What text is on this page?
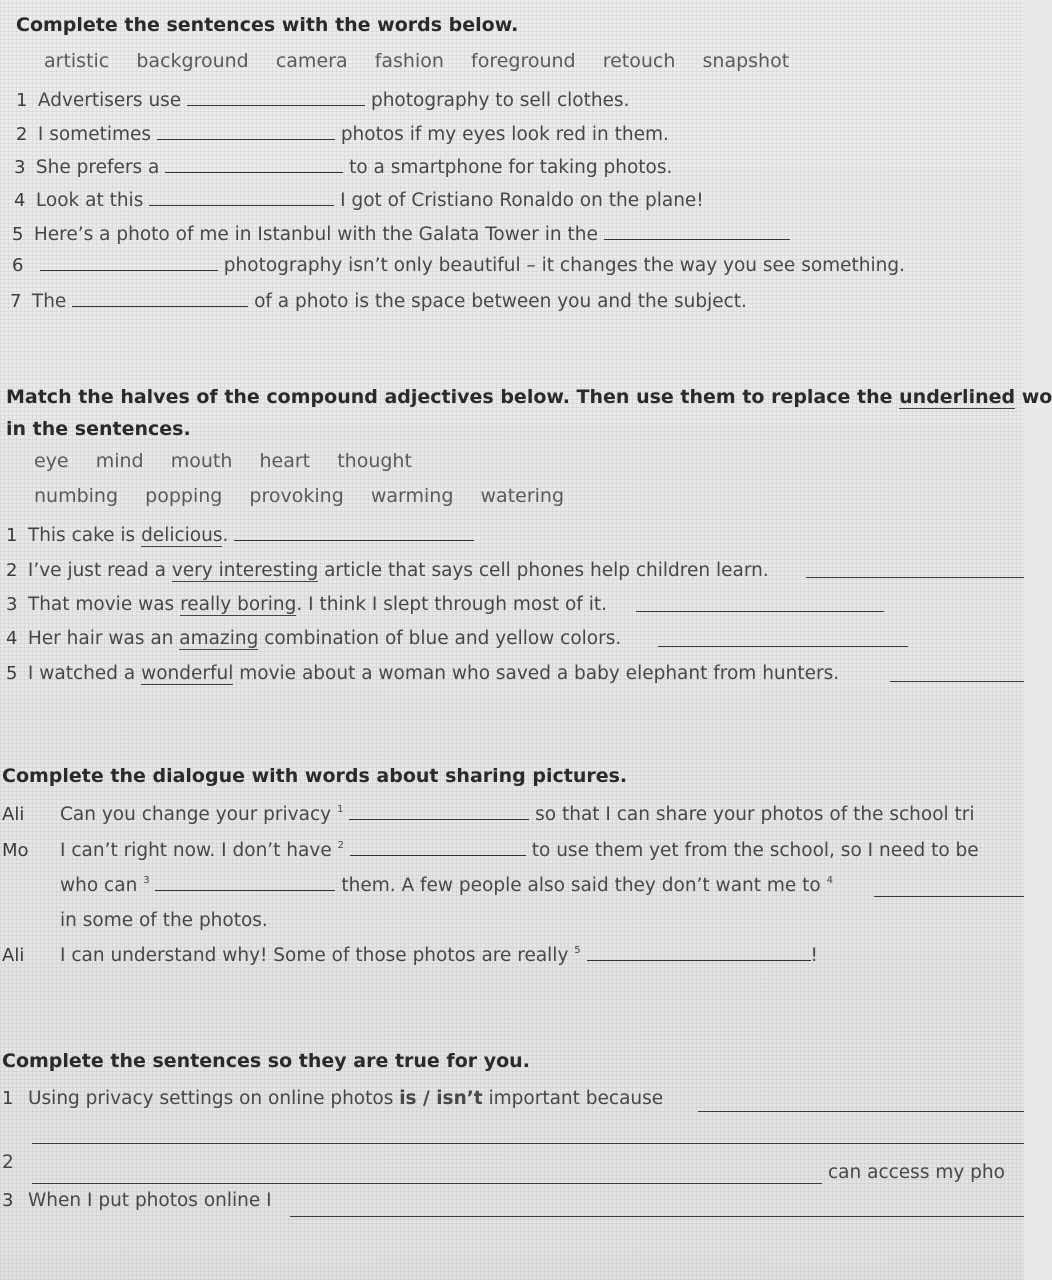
Complete the sentences with the words below.
artistic background camera fashion foreground retouch snapshot
1 Advertisers use	photography to sell clothes.
2 I sometimes	photos if my eyes look red in them.
3 She prefers a	to a smartphone for taking photos.
4 Look at this	I got of Cristiano Ronaldo on the plane!
5 Here’s a photo of me in Istanbul with the Galata Tower in the
6	photography isn’t only beautiful – it changes the way you see something.
7 The	of a photo is the space between you and the subject.
Match the halves of the compound adjectives below. Then use them to replace the underlined wo
in the sentences.
eye mind mouth heart thought
numbing popping provoking warming watering
1 This cake is delicious.
2 I’ve just read a very interesting article that says cell phones help children learn.
3 That movie was really boring. I think I slept through most of it.
4 Her hair was an amazing combination of blue and yellow colors.
5 I watched a wonderful movie about a woman who saved a baby elephant from hunters.
Complete the dialogue with words about sharing pictures.
Ali Can you change your privacy $^1$	so that I can share your photos of the school tri
Mo I can’t right now. I don’t have $^2$	to use them yet from the school, so I need to be
who can $^3$	them. A few people also said they don’t want me to $^4$
in some of the photos.
Ali I can understand why! Some of those photos are really $^5$	!
Complete the sentences so they are true for you.
1 Using privacy settings on online photos is / isn’t important because
2	can access my pho
3 When I put photos online I
